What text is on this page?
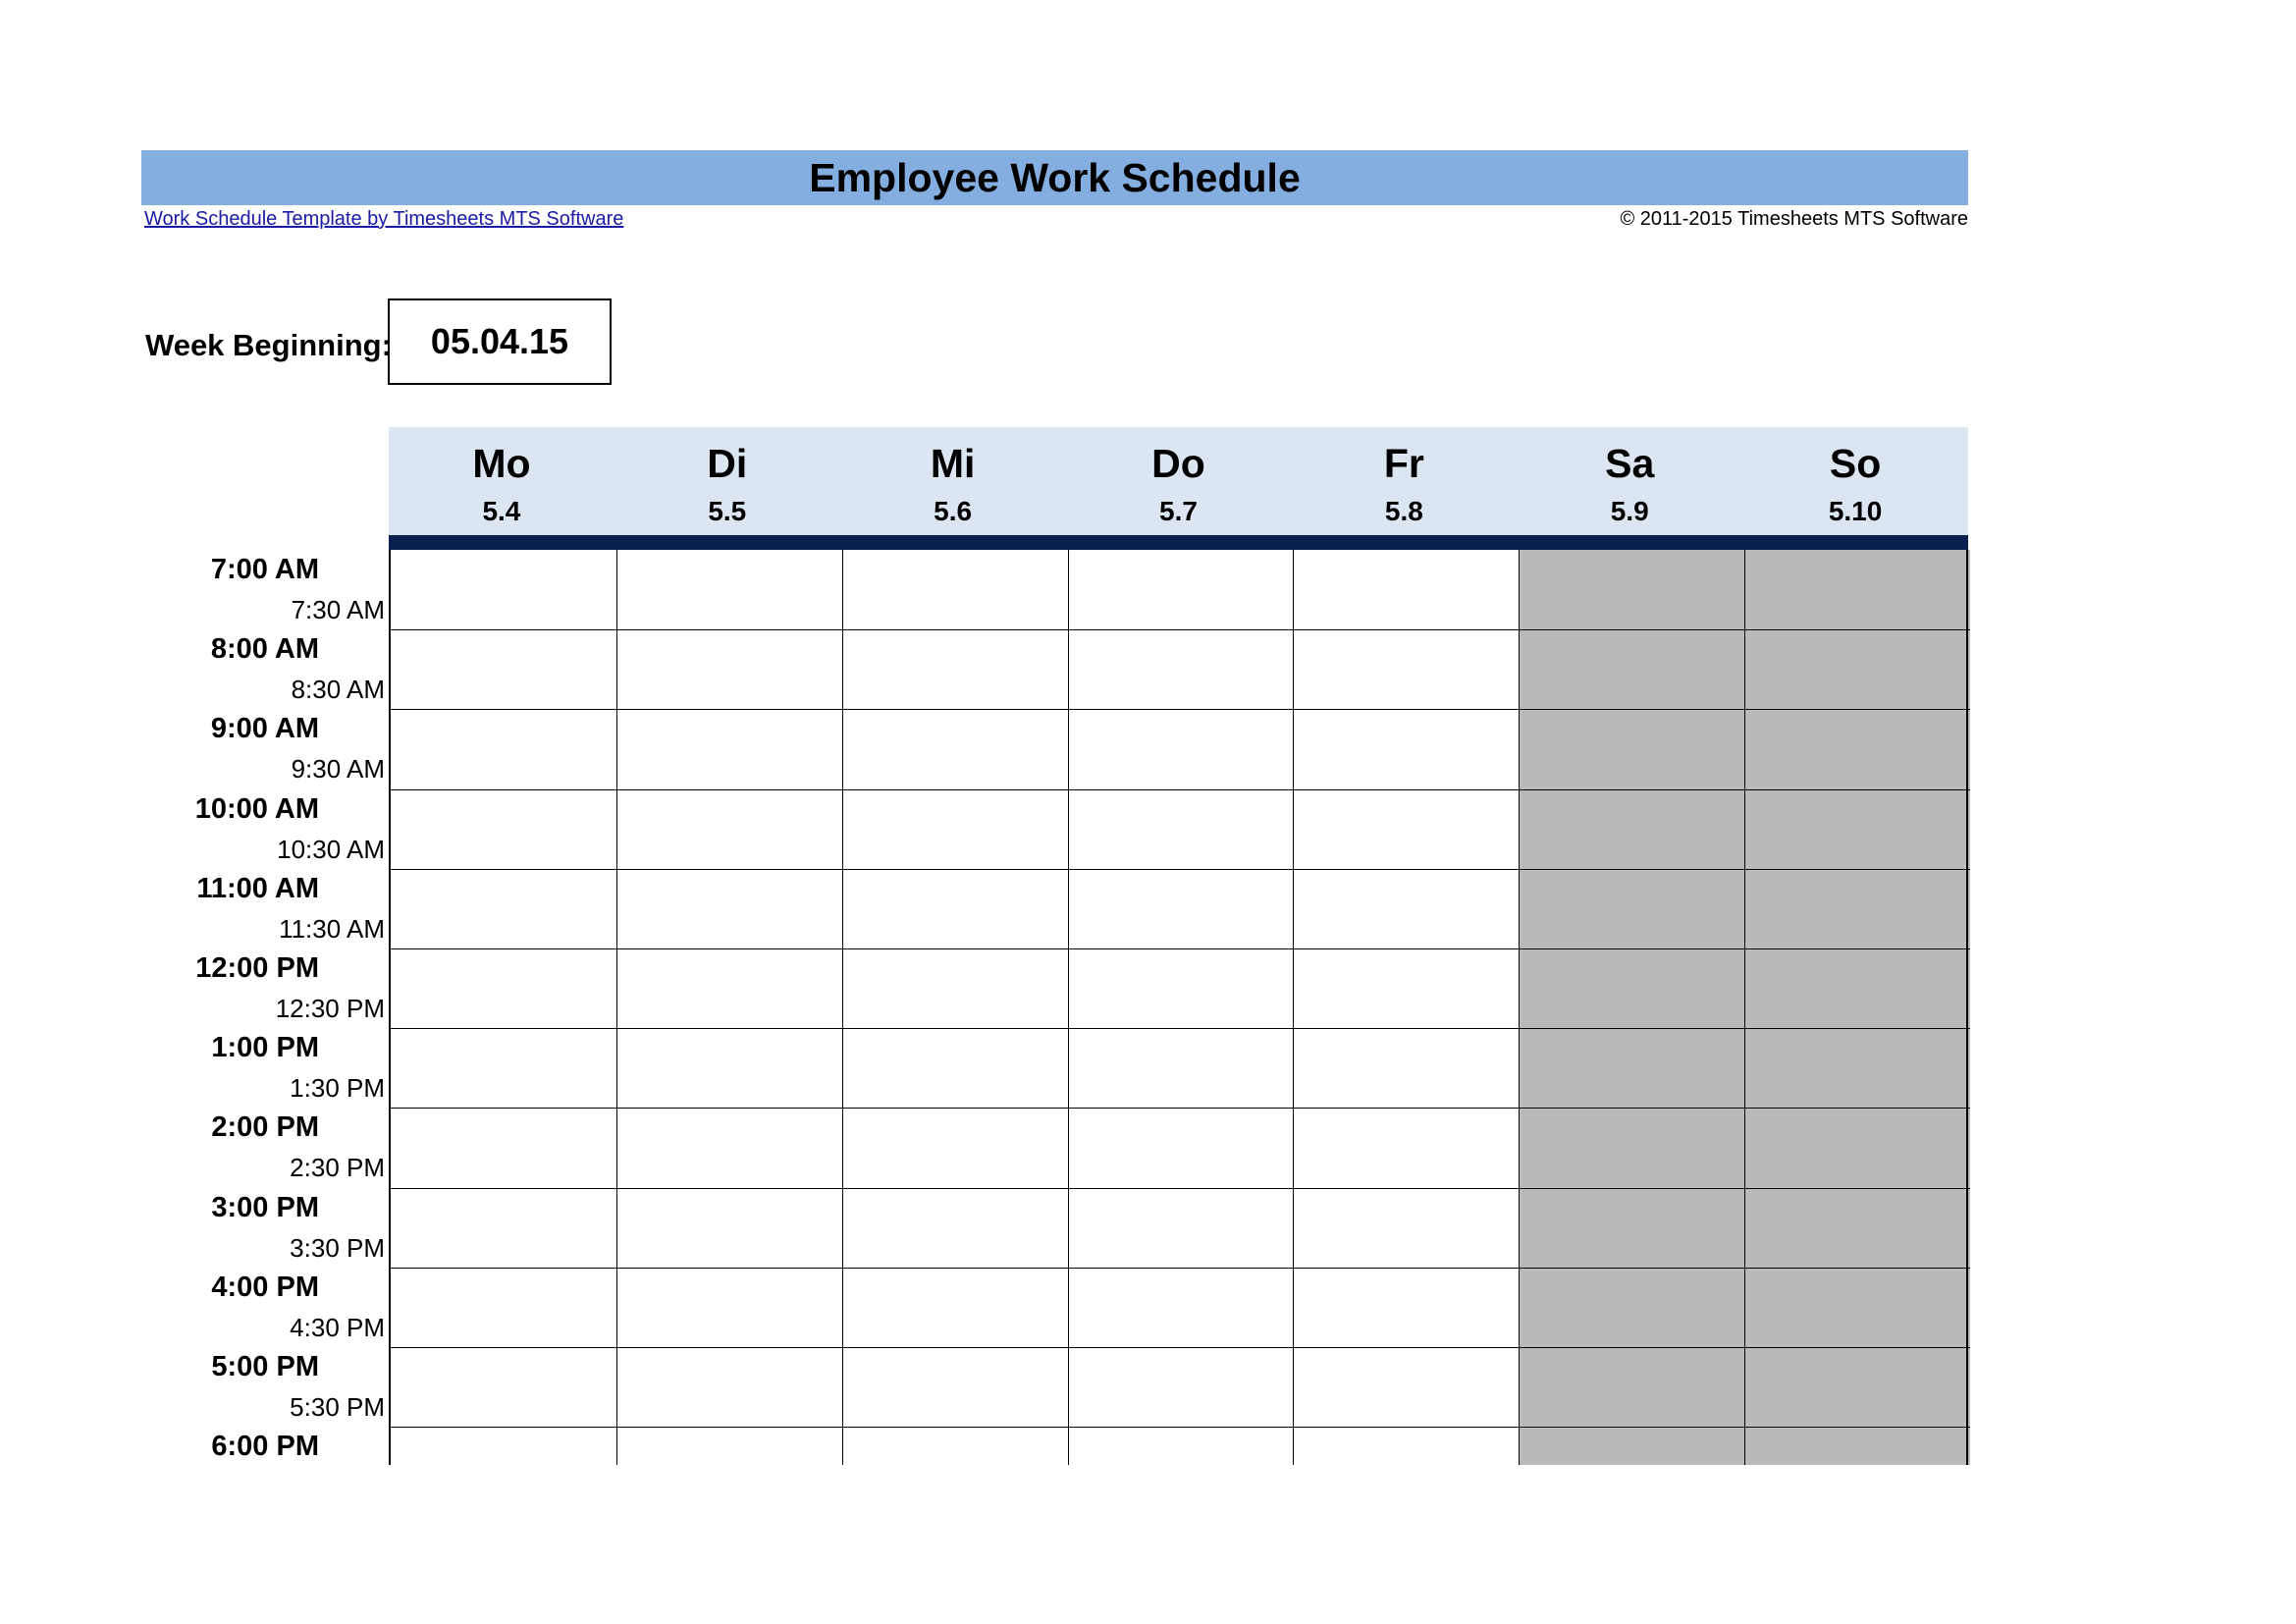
Employee Work Schedule
Work Schedule Template by Timesheets MTS Software	© 2011-2015 Timesheets MTS Software
Week Beginning: 05.04.15
Mo
5.4
Di
5.5
Mi
5.6
Do
5.7
Fr
5.8
Sa
5.9
So
5.10
7:00 AM
7:30 AM
8:00 AM
8:30 AM
9:00 AM
9:30 AM
10:00 AM
10:30 AM
11:00 AM
11:30 AM
12:00 PM
12:30 PM
1:00 PM
1:30 PM
2:00 PM
2:30 PM
3:00 PM
3:30 PM
4:00 PM
4:30 PM
5:00 PM
5:30 PM
6:00 PM
